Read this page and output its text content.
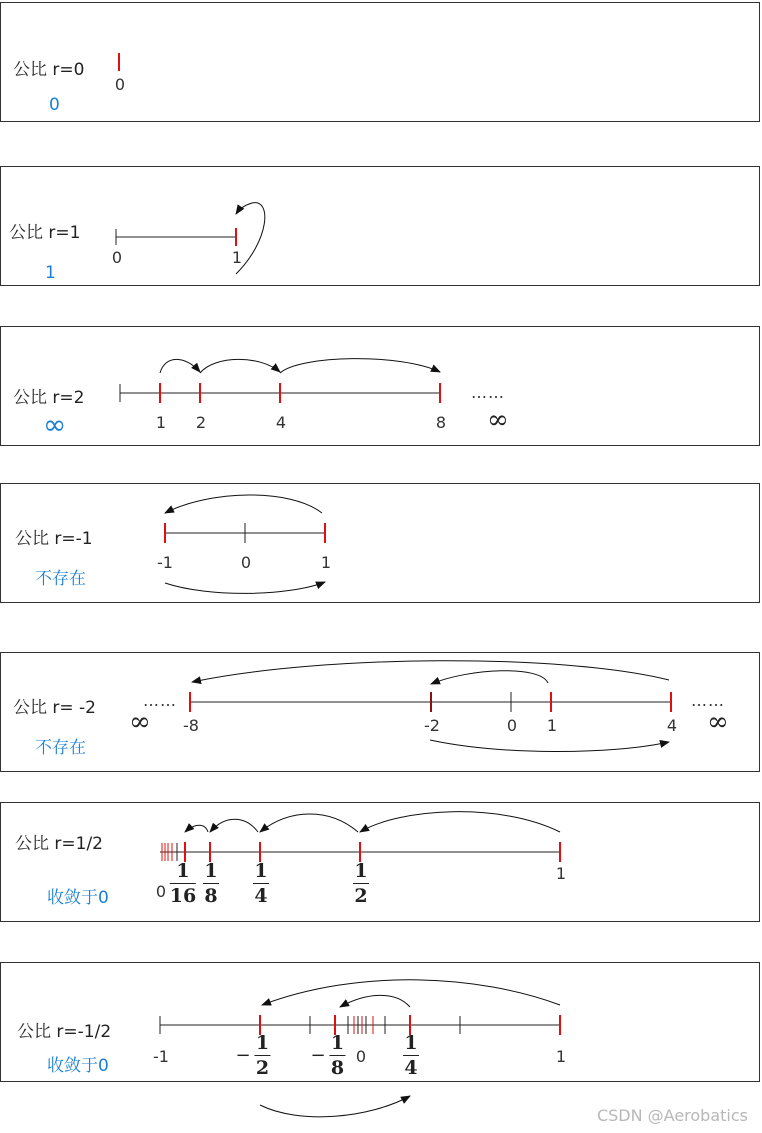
公比 r=0
0
0
公比 r=1
1
0	1
公比 r=2
∞	1 2	4	8
……
∞
公比 r=-1
不存在
-1	0	1
公比 r= -2
不存在
……
∞ -8	-2	0 1	4
……
∞
公比 r=1/2
收敛于0	0
1
$\frac{1}{16} \frac{1}{8} \frac{1}{4}$	$\frac{1}{2}$
公比 r=-1/2
收敛于0	-1	0	1
− $\frac{1}{2} - \frac{1}{8}$	$\frac{1}{4}$
CSDN @Aerobatics
